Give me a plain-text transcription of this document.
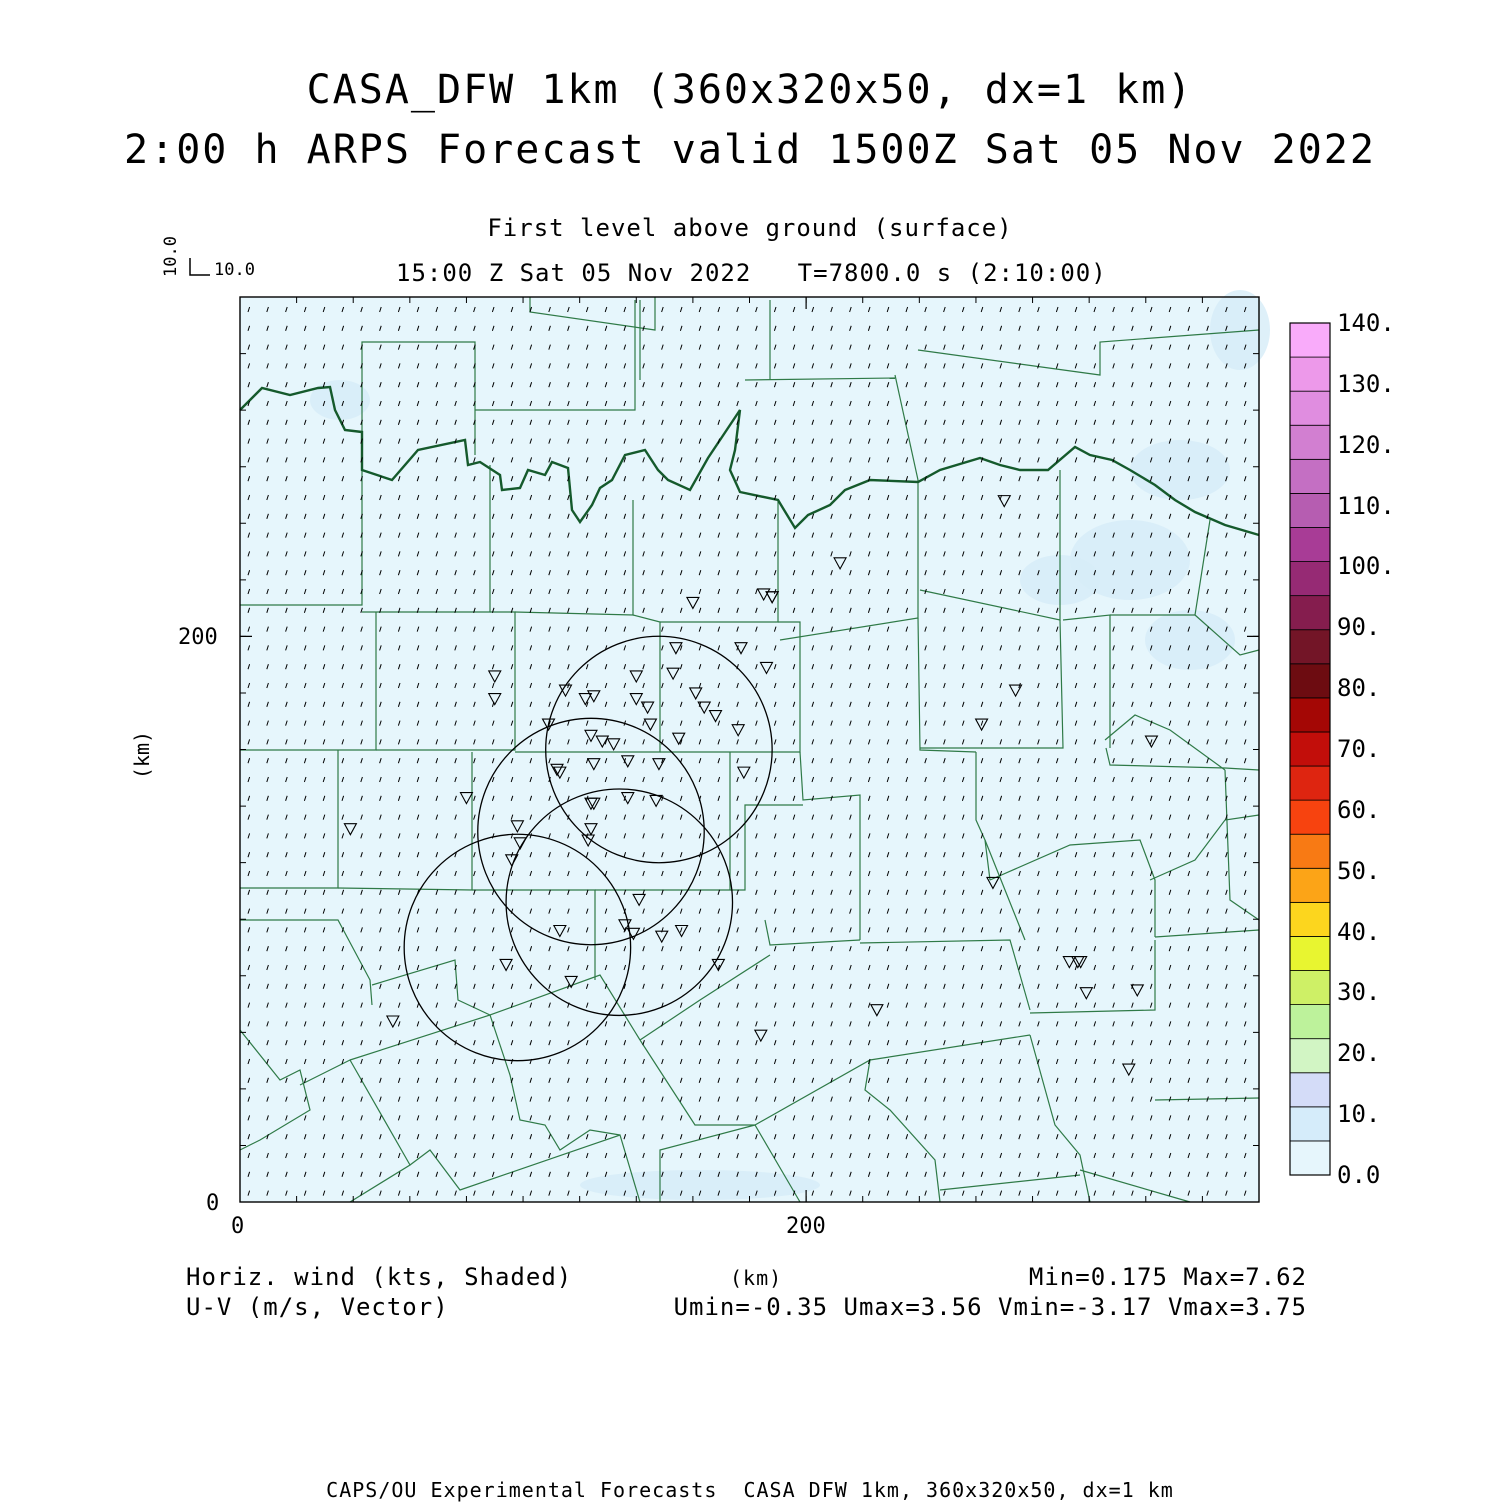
CASA_DFW 1km (360x320x50, dx=1 km)
2:00 h ARPS Forecast valid 1500Z Sat 05 Nov 2022
First level above ground (surface)
15:00 Z Sat 05 Nov 2022   T=7800.0 s (2:10:00)
10.0
10.0
(km)
200
0
0	200
Horiz. wind (kts, Shaded)
U-V (m/s, Vector)
(km)	Min=0.175 Max=7.62
Umin=-0.35 Umax=3.56 Vmin=-3.17 Vmax=3.75
0.0
10.
20.
30.
40.
50.
60.
70.
80.
90.
100.
110.
120.
130.
140.
CAPS/OU Experimental Forecasts  CASA DFW 1km, 360x320x50, dx=1 km
